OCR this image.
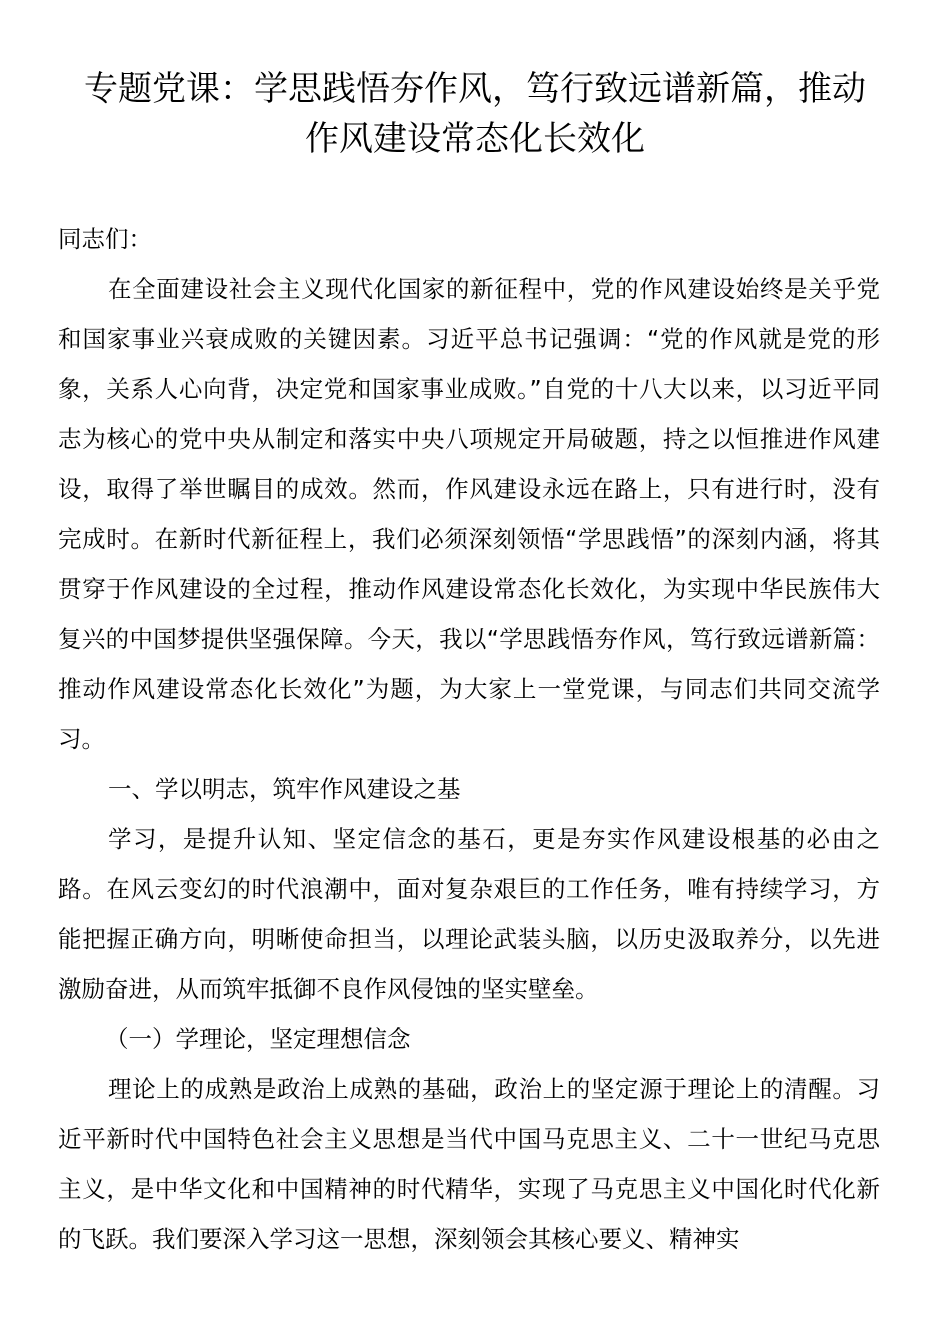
专题党课：学思践悟夯作风，笃行致远谱新篇，推动
作风建设常态化长效化

同志们：

在全面建设社会主义现代化国家的新征程中，党的作风建设始终是关乎党和国家事业兴衰成败的关键因素。习近平总书记强调：“党的作风就是党的形象，关系人心向背，决定党和国家事业成败。”自党的十八大以来，以习近平同志为核心的党中央从制定和落实中央八项规定开局破题，持之以恒推进作风建设，取得了举世瞩目的成效。然而，作风建设永远在路上，只有进行时，没有完成时。在新时代新征程上，我们必须深刻领悟“学思践悟”的深刻内涵，将其贯穿于作风建设的全过程，推动作风建设常态化长效化，为实现中华民族伟大复兴的中国梦提供坚强保障。今天，我以“学思践悟夯作风，笃行致远谱新篇：推动作风建设常态化长效化”为题，为大家上一堂党课，与同志们共同交流学习。

一、学以明志，筑牢作风建设之基

学习，是提升认知、坚定信念的基石，更是夯实作风建设根基的必由之路。在风云变幻的时代浪潮中，面对复杂艰巨的工作任务，唯有持续学习，方能把握正确方向，明晰使命担当，以理论武装头脑，以历史汲取养分，以先进激励奋进，从而筑牢抵御不良作风侵蚀的坚实壁垒。

（一）学理论，坚定理想信念

理论上的成熟是政治上成熟的基础，政治上的坚定源于理论上的清醒。习近平新时代中国特色社会主义思想是当代中国马克思主义、二十一世纪马克思主义，是中华文化和中国精神的时代精华，实现了马克思主义中国化时代化新的飞跃。我们要深入学习这一思想，深刻领会其核心要义、精神实
